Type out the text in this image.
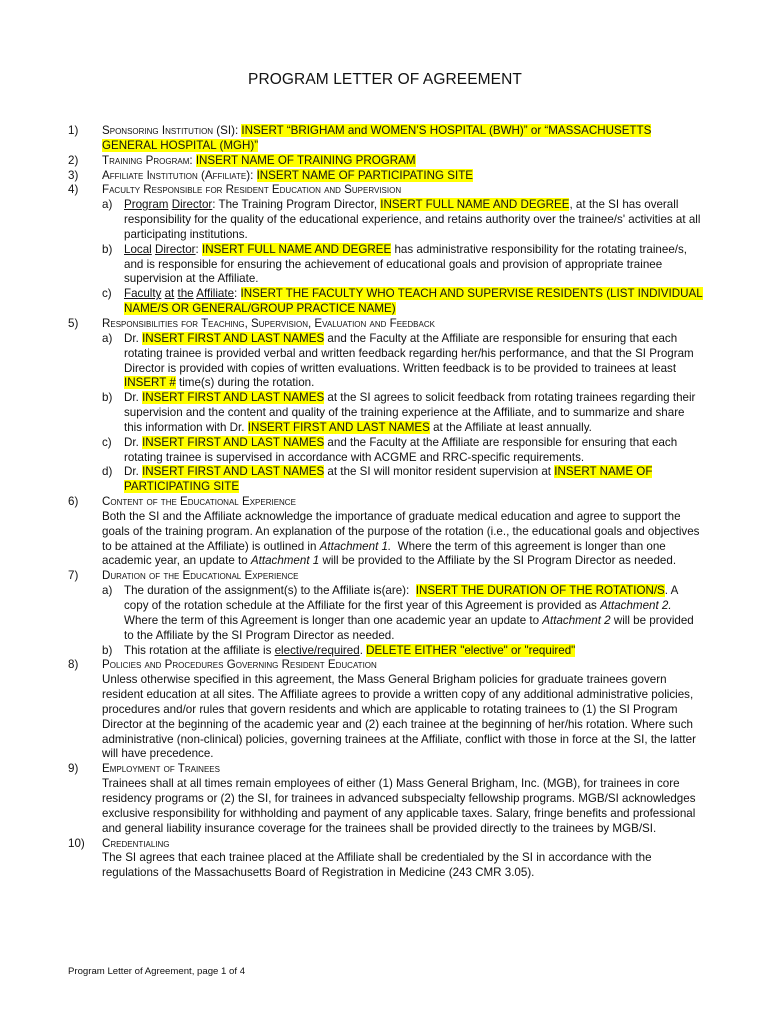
PROGRAM LETTER OF AGREEMENT
1) Sponsoring Institution (SI): INSERT “BRIGHAM and WOMEN’S HOSPITAL (BWH)” or “MASSACHUSETTS GENERAL HOSPITAL (MGH)”
2) Training Program: INSERT NAME OF TRAINING PROGRAM
3) Affiliate Institution (Affiliate): INSERT NAME OF PARTICIPATING SITE
4) Faculty Responsible for Resident Education and Supervision
a) Program Director: The Training Program Director, INSERT FULL NAME AND DEGREE, at the SI has overall responsibility for the quality of the educational experience, and retains authority over the trainee/s' activities at all participating institutions.
b) Local Director: INSERT FULL NAME AND DEGREE has administrative responsibility for the rotating trainee/s, and is responsible for ensuring the achievement of educational goals and provision of appropriate trainee supervision at the Affiliate.
c) Faculty at the Affiliate: INSERT THE FACULTY WHO TEACH AND SUPERVISE RESIDENTS (LIST INDIVIDUAL NAME/S OR GENERAL/GROUP PRACTICE NAME)
5) Responsibilities for Teaching, Supervision, Evaluation and Feedback
a) Dr. INSERT FIRST AND LAST NAMES and the Faculty at the Affiliate are responsible for ensuring that each rotating trainee is provided verbal and written feedback regarding her/his performance, and that the SI Program Director is provided with copies of written evaluations. Written feedback is to be provided to trainees at least INSERT # time(s) during the rotation.
b) Dr. INSERT FIRST AND LAST NAMES at the SI agrees to solicit feedback from rotating trainees regarding their supervision and the content and quality of the training experience at the Affiliate, and to summarize and share this information with Dr. INSERT FIRST AND LAST NAMES at the Affiliate at least annually.
c) Dr. INSERT FIRST AND LAST NAMES and the Faculty at the Affiliate are responsible for ensuring that each rotating trainee is supervised in accordance with ACGME and RRC-specific requirements.
d) Dr. INSERT FIRST AND LAST NAMES at the SI will monitor resident supervision at INSERT NAME OF PARTICIPATING SITE
6) Content of the Educational Experience
Both the SI and the Affiliate acknowledge the importance of graduate medical education and agree to support the goals of the training program. An explanation of the purpose of the rotation (i.e., the educational goals and objectives to be attained at the Affiliate) is outlined in Attachment 1. Where the term of this agreement is longer than one academic year, an update to Attachment 1 will be provided to the Affiliate by the SI Program Director as needed.
7) Duration of the Educational Experience
a) The duration of the assignment(s) to the Affiliate is(are): INSERT THE DURATION OF THE ROTATION/S. A copy of the rotation schedule at the Affiliate for the first year of this Agreement is provided as Attachment 2.  Where the term of this Agreement is longer than one academic year an update to Attachment 2 will be provided to the Affiliate by the SI Program Director as needed.
b) This rotation at the affiliate is elective/required. DELETE EITHER "elective" or "required"
8) Policies and Procedures Governing Resident Education
Unless otherwise specified in this agreement, the Mass General Brigham policies for graduate trainees govern resident education at all sites. The Affiliate agrees to provide a written copy of any additional administrative policies, procedures and/or rules that govern residents and which are applicable to rotating trainees to (1) the SI Program Director at the beginning of the academic year and (2) each trainee at the beginning of her/his rotation. Where such administrative (non-clinical) policies, governing trainees at the Affiliate, conflict with those in force at the SI, the latter will have precedence.
9) Employment of Trainees
Trainees shall at all times remain employees of either (1) Mass General Brigham, Inc. (MGB), for trainees in core residency programs or (2) the SI, for trainees in advanced subspecialty fellowship programs. MGB/SI acknowledges exclusive responsibility for withholding and payment of any applicable taxes. Salary, fringe benefits and professional and general liability insurance coverage for the trainees shall be provided directly to the trainees by MGB/SI.
10) Credentialing
The SI agrees that each trainee placed at the Affiliate shall be credentialed by the SI in accordance with the regulations of the Massachusetts Board of Registration in Medicine (243 CMR 3.05).
Program Letter of Agreement, page 1 of 4
